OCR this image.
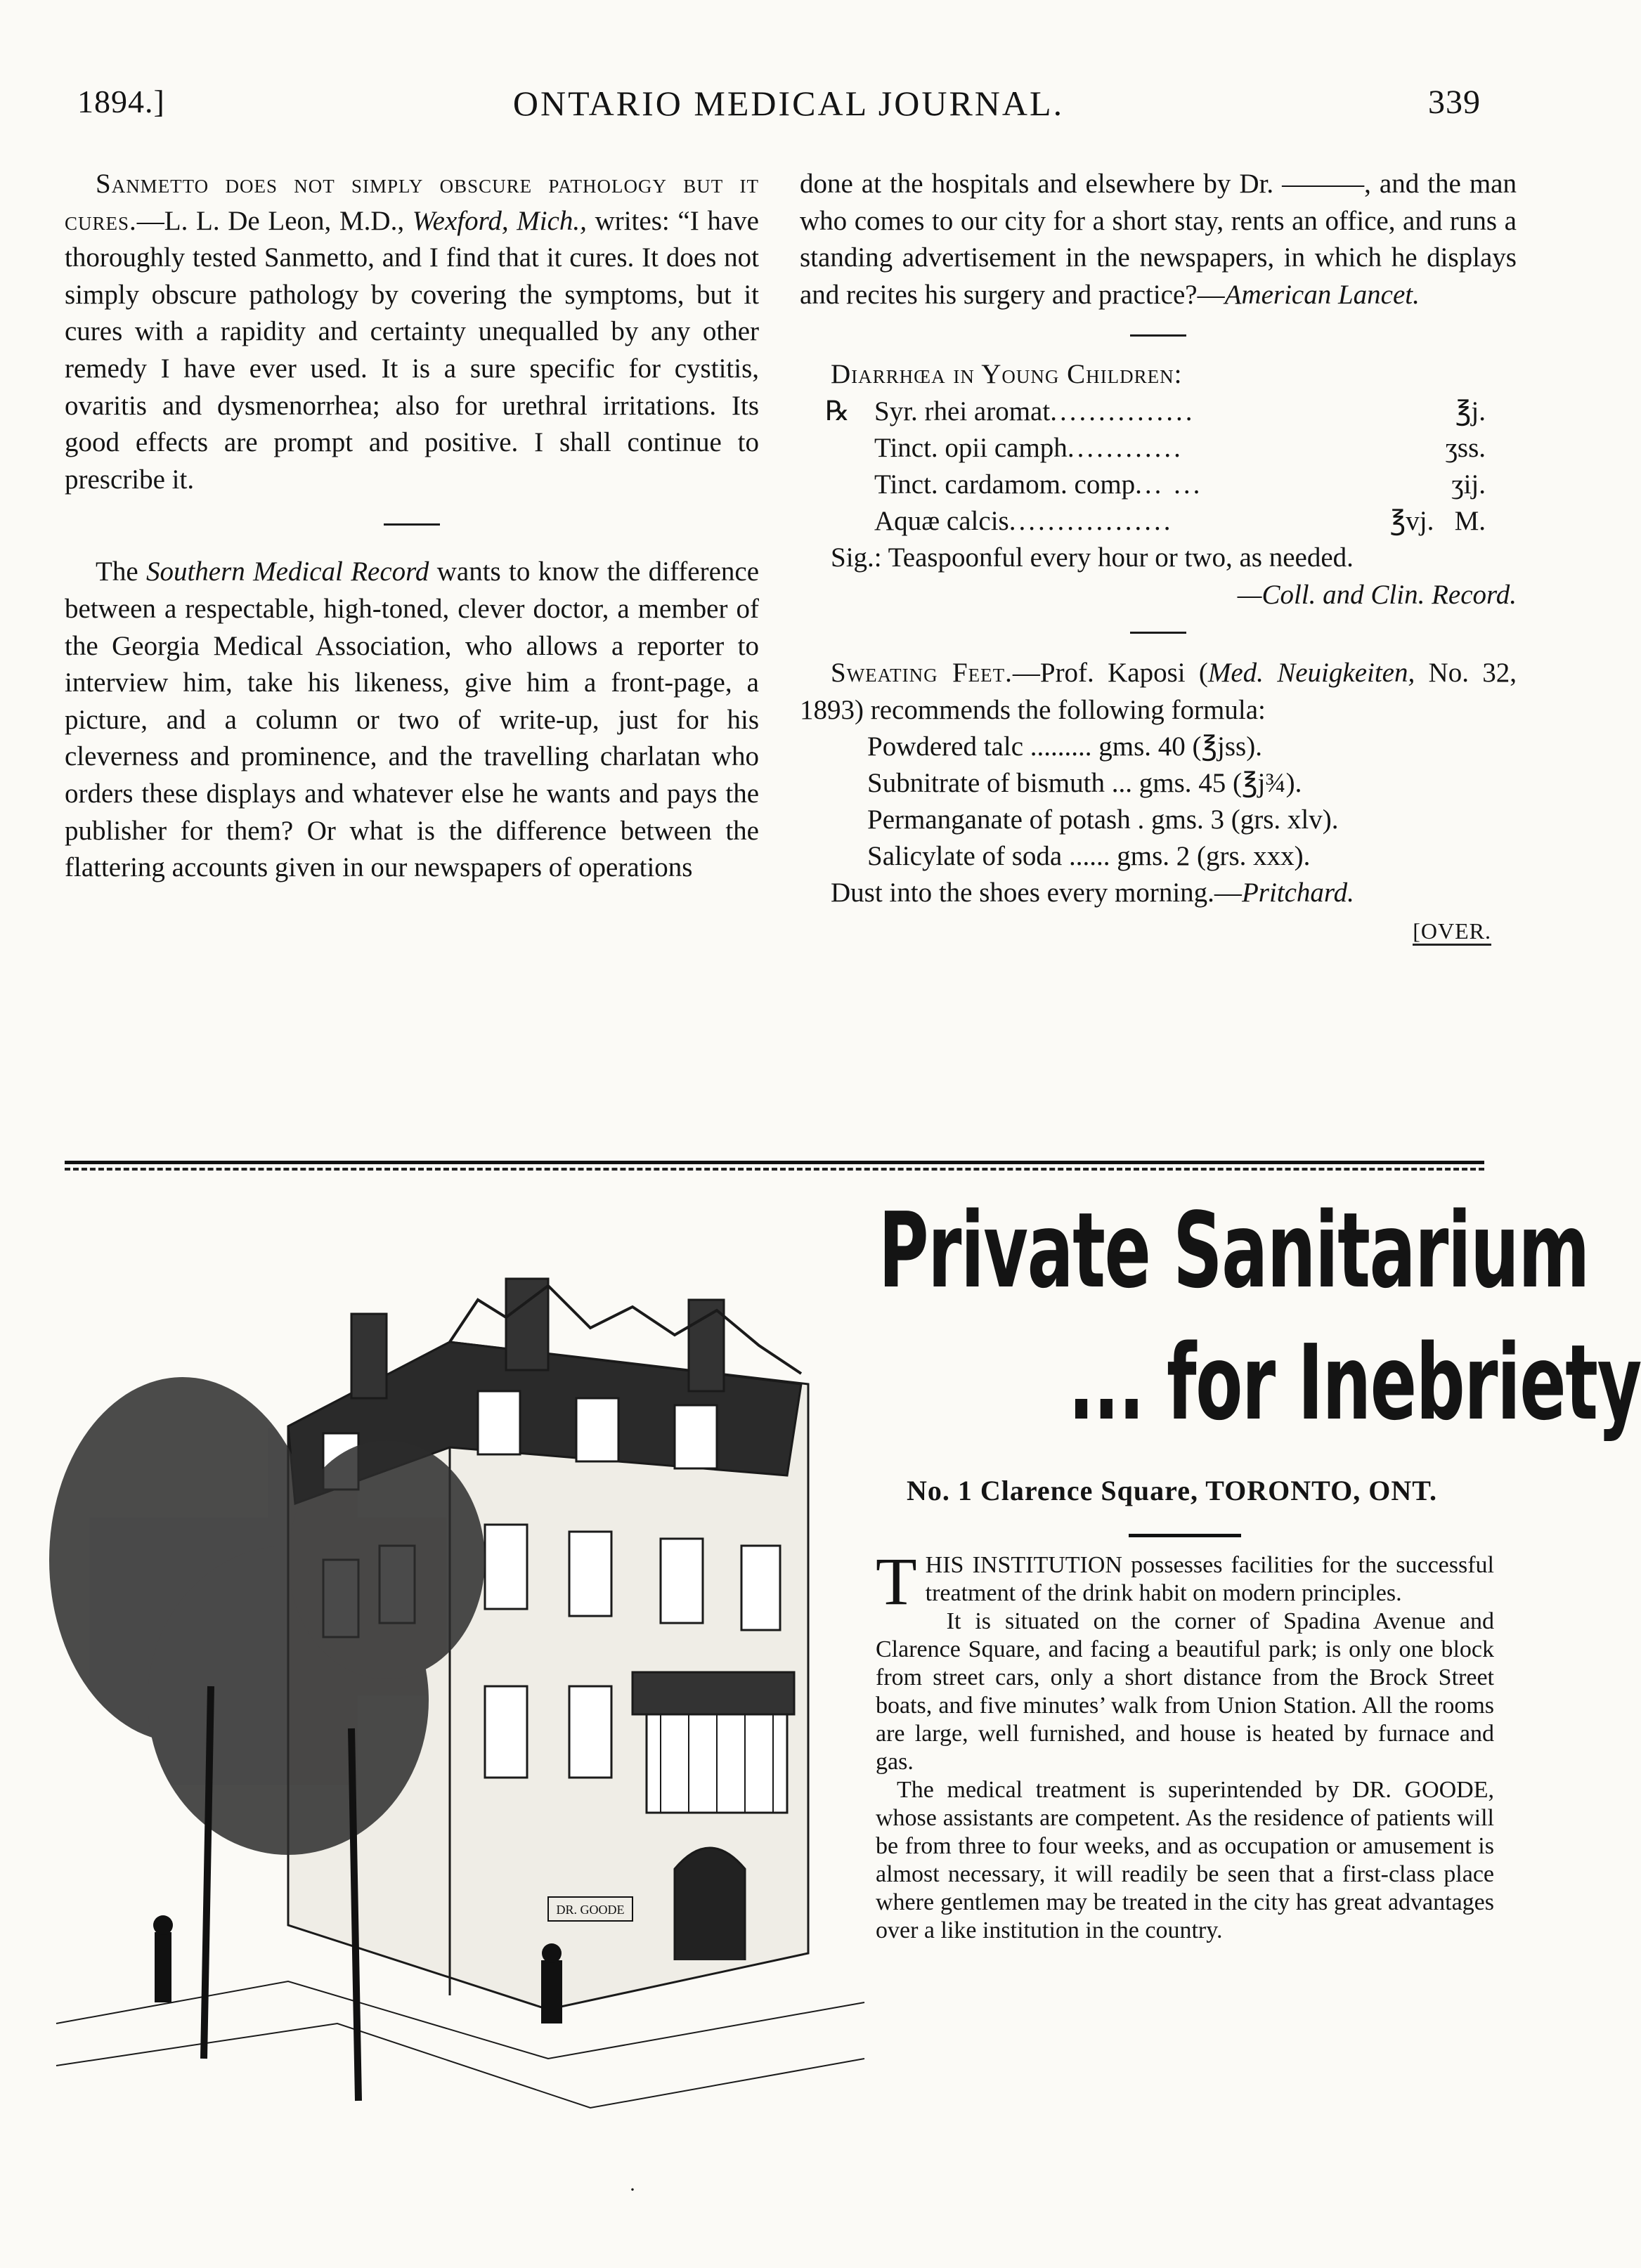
1894.]	ONTARIO MEDICAL JOURNAL.	339

Sanmetto does not simply obscure pathology but it cures.—L. L. De Leon, M.D., Wexford, Mich., writes: “I have thoroughly tested Sanmetto, and I find that it cures. It does not simply obscure pathology by covering the symptoms, but it cures with a rapidity and certainty unequalled by any other remedy I have ever used. It is a sure specific for cystitis, ovaritis and dysmenorrhea; also for urethral irritations. Its good effects are prompt and positive. I shall continue to prescribe it.

The Southern Medical Record wants to know the difference between a respectable, high-toned, clever doctor, a member of the Georgia Medical Association, who allows a reporter to interview him, take his likeness, give him a front-page, a picture, and a column or two of write-up, just for his cleverness and prominence, and the travelling charlatan who orders these displays and whatever else he wants and pays the publisher for them? Or what is the difference between the flattering accounts given in our newspapers of operations

done at the hospitals and elsewhere by Dr. ———, and the man who comes to our city for a short stay, rents an office, and runs a standing advertisement in the newspapers, in which he displays and recites his surgery and practice?—American Lancet.

Diarrhœa in Young Children:

℞ Syr. rhei aromat ...............	℥j.
Tinct. opii camph ............	ʒss.
Tinct. cardamom. comp ... ...	ʒij.
Aquæ calcis .................	℥vj.   M.

Sig.: Teaspoonful every hour or two, as needed.

—Coll. and Clin. Record.

Sweating Feet.—Prof. Kaposi (Med. Neuigkeiten, No. 32, 1893) recommends the following formula:

Powdered talc ......... gms. 40 (℥jss).
Subnitrate of bismuth ... gms. 45 (℥j¾).
Permanganate of potash . gms. 3 (grs. xlv).
Salicylate of soda ...... gms. 2 (grs. xxx).

Dust into the shoes every morning.—Pritchard.

[OVER.

DR. GOODE
Private Sanitarium
... for Inebriety
No. 1 Clarence Square, TORONTO, ONT.

THIS INSTITUTION possesses facilities for the successful treatment of the drink habit on modern principles.

It is situated on the corner of Spadina Avenue and Clarence Square, and facing a beautiful park; is only one block from street cars, only a short distance from the Brock Street boats, and five minutes’ walk from Union Station. All the rooms are large, well furnished, and house is heated by furnace and gas.

The medical treatment is superintended by DR. GOODE, whose assistants are competent. As the residence of patients will be from three to four weeks, and as occupation or amusement is almost necessary, it will readily be seen that a first-class place where gentlemen may be treated in the city has great advantages over a like institution in the country.

·
